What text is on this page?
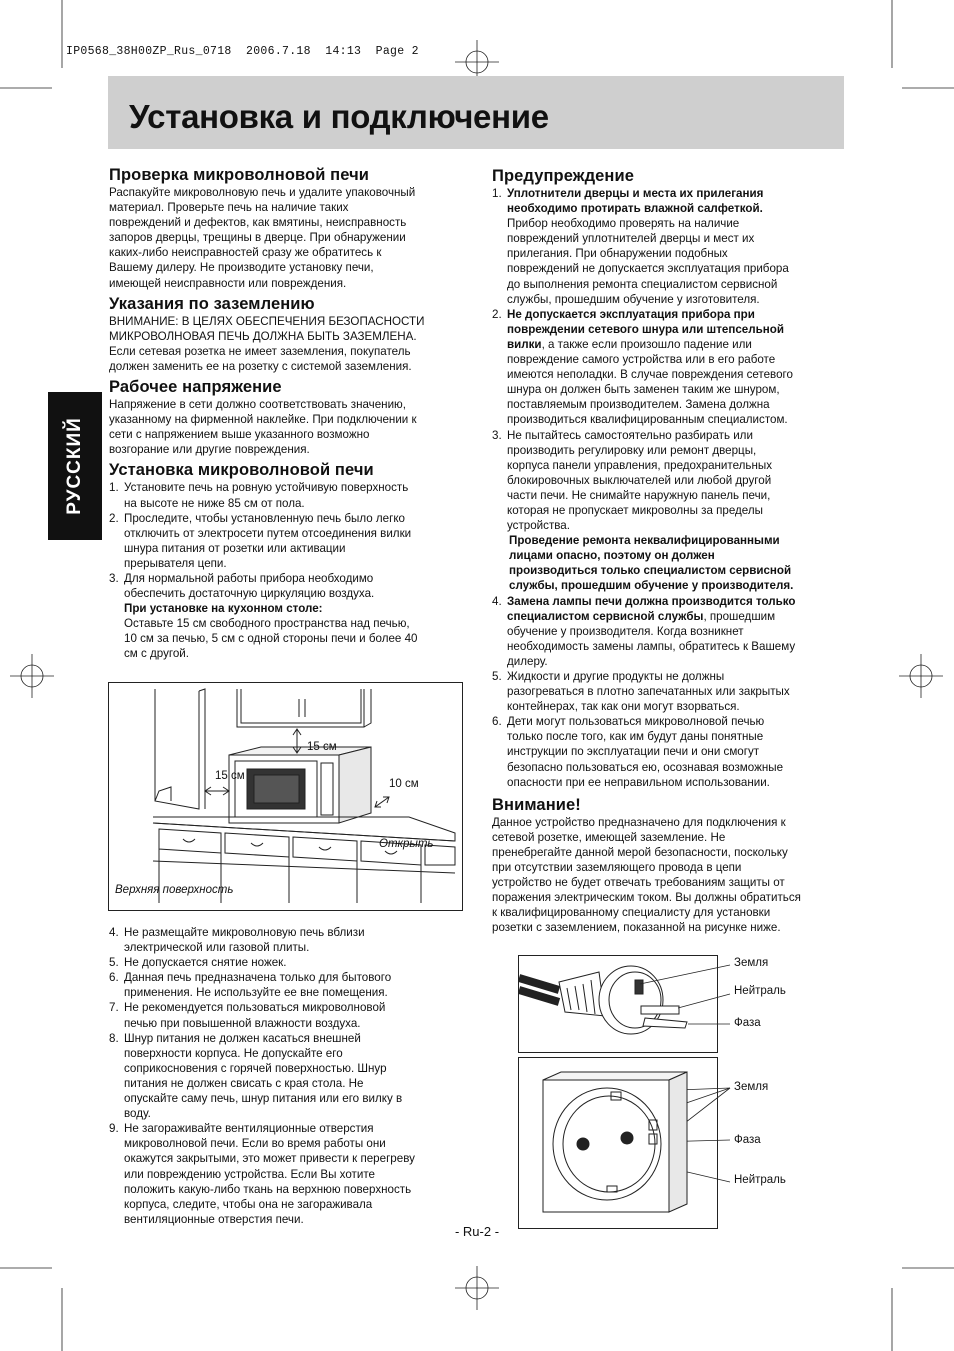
IP0568_38H00ZP_Rus_0718  2006.7.18  14:13  Page 2
Установка и подключение
РУССКИЙ
Проверка микроволновой печи

Распакуйте микроволновую печь и удалите упаковочный

материал. Проверьте печь на наличие таких

повреждений и дефектов, как вмятины, неисправность

запоров дверцы, трещины в дверце. При обнаружении

каких-либо неисправностей сразу же обратитесь к

Вашему дилеру. Не производите установку печи,

имеющей неисправности или повреждения.

Указания по заземлению

ВНИМАНИЕ: В ЦЕЛЯХ ОБЕСПЕЧЕНИЯ БЕЗОПАСНОСТИ

МИКРОВОЛНОВАЯ ПЕЧЬ ДОЛЖНА БЫТЬ ЗАЗЕМЛЕНА.

Если сетевая розетка не имеет заземления, покупатель

должен заменить ее на розетку с системой заземления.

Рабочее напряжение

Напряжение в сети должно соответствовать значению,

указанному на фирменной наклейке. При подключении к

сети с напряжением выше указанного возможно

возгорание или другие повреждения.

Установка микроволновой печи
1. Установите печь на ровную устойчивую поверхность

на высоте не ниже 85 см от пола.

2. Проследите, чтобы установленную печь было легко

отключить от электросети путем отсоединения вилки

шнура питания от розетки или активации

прерывателя цепи.

3. Для нормальной работы прибора необходимо

обеспечить достаточную циркуляцию воздуха.

При установке на кухонном столе:

Оставьте 15 см свободного пространства над печью,

10 см за печью, 5 см с одной стороны печи и более 40

см с другой.

15 см
15 см
10 см
Открыть
Верхняя поверхность
4. Не размещайте микроволновую печь вблизи

электрической или газовой плиты.

5. Не допускается снятие ножек.

6. Данная печь предназначена только для бытового

применения. Не используйте ее вне помещения.

7. Не рекомендуется пользоваться микроволновой

печью при повышенной влажности воздуха.

8. Шнур питания не должен касаться внешней

поверхности корпуса. Не допускайте его

соприкосновения с горячей поверхностью. Шнур

питания не должен свисать с края стола. Не

опускайте саму печь, шнур питания или его вилку в

воду.

9. Не загораживайте вентиляционные отверстия

микроволновой печи. Если во время работы они

окажутся закрытыми, это может привести к перегреву

или повреждению устройства. Если Вы хотите

положить какую-либо ткань на верхнюю поверхность

корпуса, следите, чтобы она не загораживала

вентиляционные отверстия печи.

Предупреждение
1. Уплотнители дверцы и места их прилегания

необходимо протирать влажной салфеткой.

Прибор необходимо проверять на наличие

повреждений уплотнителей дверцы и мест их

прилегания. При обнаружении подобных

повреждений не допускается эксплуатация прибора

до выполнения ремонта специалистом сервисной

службы, прошедшим обучение у изготовителя.

2. Не допускается эксплуатация прибора при

повреждении сетевого шнура или штепсельной

вилки, а также если произошло падение или

повреждение самого устройства или в его работе

имеются неполадки. В случае повреждения сетевого

шнура он должен быть заменен таким же шнуром,

поставляемым производителем. Замена должна

производиться квалифицированным специалистом.

3. Не пытайтесь самостоятельно разбирать или

производить регулировку или ремонт дверцы,

корпуса панели управления, предохранительных

блокировочных выключателей или любой другой

части печи. Не снимайте наружную панель печи,

которая не пропускает микроволны за пределы

устройства.

Проведение ремонта неквалифицированными

лицами опасно, поэтому он должен

производиться только специалистом сервисной

службы, прошедшим обучение у производителя.

4. Замена лампы печи должна производится только

специалистом сервисной службы, прошедшим

обучение у производителя. Когда возникнет

необходимость замены лампы, обратитесь к Вашему

дилеру.

5. Жидкости и другие продукты не должны

разогреваться в плотно запечатанных или закрытых

контейнерах, так как они могут взорваться.

6. Дети могут пользоваться микроволновой печью

только после того, как им будут даны понятные

инструкции по эксплуатации печи и они смогут

безопасно пользоваться ею, осознавая возможные

опасности при ее неправильном использовании.

Внимание!

Данное устройство предназначено для подключения к

сетевой розетке, имеющей заземление. Не

пренебрегайте данной мерой безопасности, поскольку

при отсутствии заземляющего провода в цепи

устройство не будет отвечать требованиям защиты от

поражения электрическим током. Вы должны обратиться

к квалифицированному специалисту для установки

розетки с заземлением, показанной на рисунке ниже.

Земля
Нейтраль
Фаза
Земля
Фаза
Нейтраль
- Ru-2 -
